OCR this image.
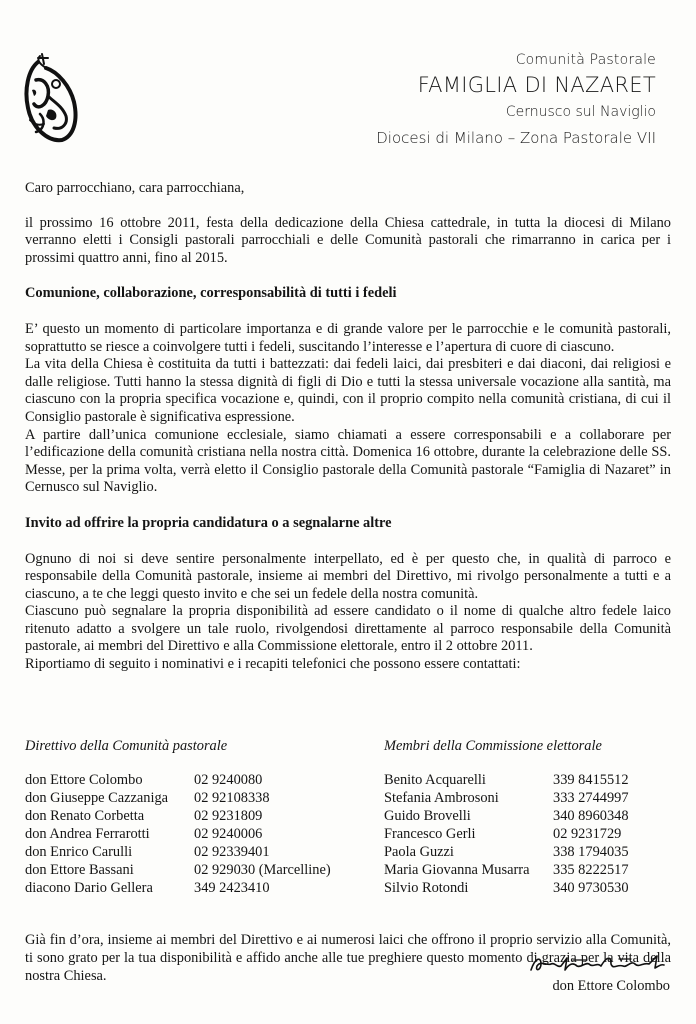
Comunità Pastorale
FAMIGLIA DI NAZARET
Cernusco sul Naviglio
Diocesi di Milano – Zona Pastorale VII

Caro parrocchiano, cara parrocchiana,

il prossimo 16 ottobre 2011, festa della dedicazione della Chiesa cattedrale, in tutta la diocesi di Milano verranno eletti i Consigli pastorali parrocchiali e delle Comunità pastorali che rimarranno in carica per i prossimi quattro anni, fino al 2015.

Comunione, collaborazione, corresponsabilità di tutti i fedeli

E’ questo un momento di particolare importanza e di grande valore per le parrocchie e le comunità pastorali, soprattutto se riesce a coinvolgere tutti i fedeli, suscitando l’interesse e l’apertura di cuore di ciascuno.

La vita della Chiesa è costituita da tutti i battezzati: dai fedeli laici, dai presbiteri e dai diaconi, dai religiosi e dalle religiose. Tutti hanno la stessa dignità di figli di Dio e tutti la stessa universale vocazione alla santità, ma ciascuno con la propria specifica vocazione e, quindi, con il proprio compito nella comunità cristiana, di cui il Consiglio pastorale è significativa espressione.

A partire dall’unica comunione ecclesiale, siamo chiamati a essere corresponsabili e a collaborare per l’edificazione della comunità cristiana nella nostra città. Domenica 16 ottobre, durante la celebrazione delle SS. Messe, per la prima volta, verrà eletto il Consiglio pastorale della Comunità pastorale “Famiglia di Nazaret” in Cernusco sul Naviglio.

Invito ad offrire la propria candidatura o a segnalarne altre

Ognuno di noi si deve sentire personalmente interpellato, ed è per questo che, in qualità di parroco e responsabile della Comunità pastorale, insieme ai membri del Direttivo, mi rivolgo personalmente a tutti e a ciascuno, a te che leggi questo invito e che sei un fedele della nostra comunità.

Ciascuno può segnalare la propria disponibilità ad essere candidato o il nome di qualche altro fedele laico ritenuto adatto a svolgere un tale ruolo, rivolgendosi direttamente al parroco responsabile della Comunità pastorale, ai membri del Direttivo e alla Commissione elettorale, entro il 2 ottobre 2011.

Riportiamo di seguito i nominativi e i recapiti telefonici che possono essere contattati:

Direttivo della Comunità pastorale
don Ettore Colombo	02 9240080
don Giuseppe Cazzaniga	02 92108338
don Renato Corbetta	02 9231809
don Andrea Ferrarotti	02 9240006
don Enrico Carulli	02 92339401
don Ettore Bassani	02 929030 (Marcelline)
diacono Dario Gellera	349 2423410
Membri della Commissione elettorale
Benito Acquarelli	339 8415512
Stefania Ambrosoni	333 2744997
Guido Brovelli	340 8960348
Francesco Gerli	02 9231729
Paola Guzzi	338 1794035
Maria Giovanna Musarra	335 8222517
Silvio Rotondi	340 9730530

Già fin d’ora, insieme ai membri del Direttivo e ai numerosi laici che offrono il proprio servizio alla Comunità, ti sono grato per la tua disponibilità e affido anche alle tue preghiere questo momento di grazia per la vita della nostra Chiesa.

don Ettore Colombo
